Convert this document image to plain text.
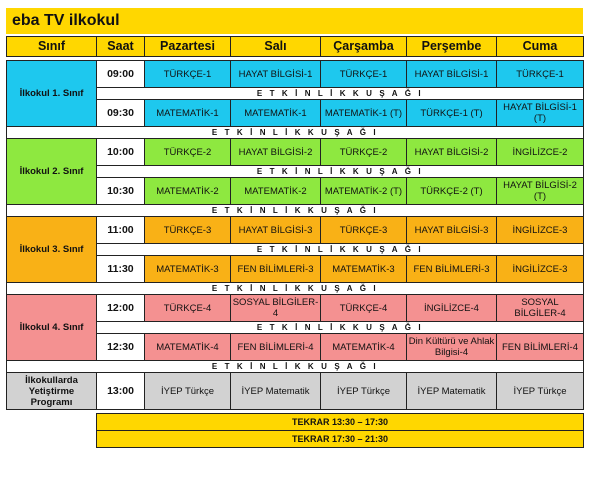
eba TV ilkokul
Sınıf	Saat	Pazartesi	Salı	Çarşamba	Perşembe	Cuma

İlkokul 1. Sınıf	09:00	TÜRKÇE-1	HAYAT BİLGİSİ-1	TÜRKÇE-1	HAYAT BİLGİSİ-1	TÜRKÇE-1
	E T K İ N L İ K K U Ş A Ğ I					
	09:30	MATEMATİK-1	MATEMATİK-1	MATEMATİK-1 (T)	TÜRKÇE-1 (T)	HAYAT BİLGİSİ-1 (T)
E T K İ N L İ K K U Ş A Ğ I						
İlkokul 2. Sınıf	10:00	TÜRKÇE-2	HAYAT BİLGİSİ-2	TÜRKÇE-2	HAYAT BİLGİSİ-2	İNGİLİZCE-2
	E T K İ N L İ K K U Ş A Ğ I					
	10:30	MATEMATİK-2	MATEMATİK-2	MATEMATİK-2 (T)	TÜRKÇE-2 (T)	HAYAT BİLGİSİ-2 (T)
E T K İ N L İ K K U Ş A Ğ I						
İlkokul 3. Sınıf	11:00	TÜRKÇE-3	HAYAT BİLGİSİ-3	TÜRKÇE-3	HAYAT BİLGİSİ-3	İNGİLİZCE-3
	E T K İ N L İ K K U Ş A Ğ I					
	11:30	MATEMATİK-3	FEN BİLİMLERİ-3	MATEMATİK-3	FEN BİLİMLERİ-3	İNGİLİZCE-3
E T K İ N L İ K K U Ş A Ğ I						
İlkokul 4. Sınıf	12:00	TÜRKÇE-4	SOSYAL BİLGİLER-4	TÜRKÇE-4	İNGİLİZCE-4	SOSYAL BİLGİLER-4
	E T K İ N L İ K K U Ş A Ğ I					
	12:30	MATEMATİK-4	FEN BİLİMLERİ-4	MATEMATİK-4	Din Kültürü ve Ahlak Bilgisi-4	FEN BİLİMLERİ-4
E T K İ N L İ K K U Ş A Ğ I						
İlkokullarda Yetiştirme Programı	13:00	İYEP Türkçe	İYEP Matematik	İYEP Türkçe	İYEP Matematik	İYEP Türkçe

	TEKRAR 13:30 – 17:30					
	TEKRAR 17:30 – 21:30					
